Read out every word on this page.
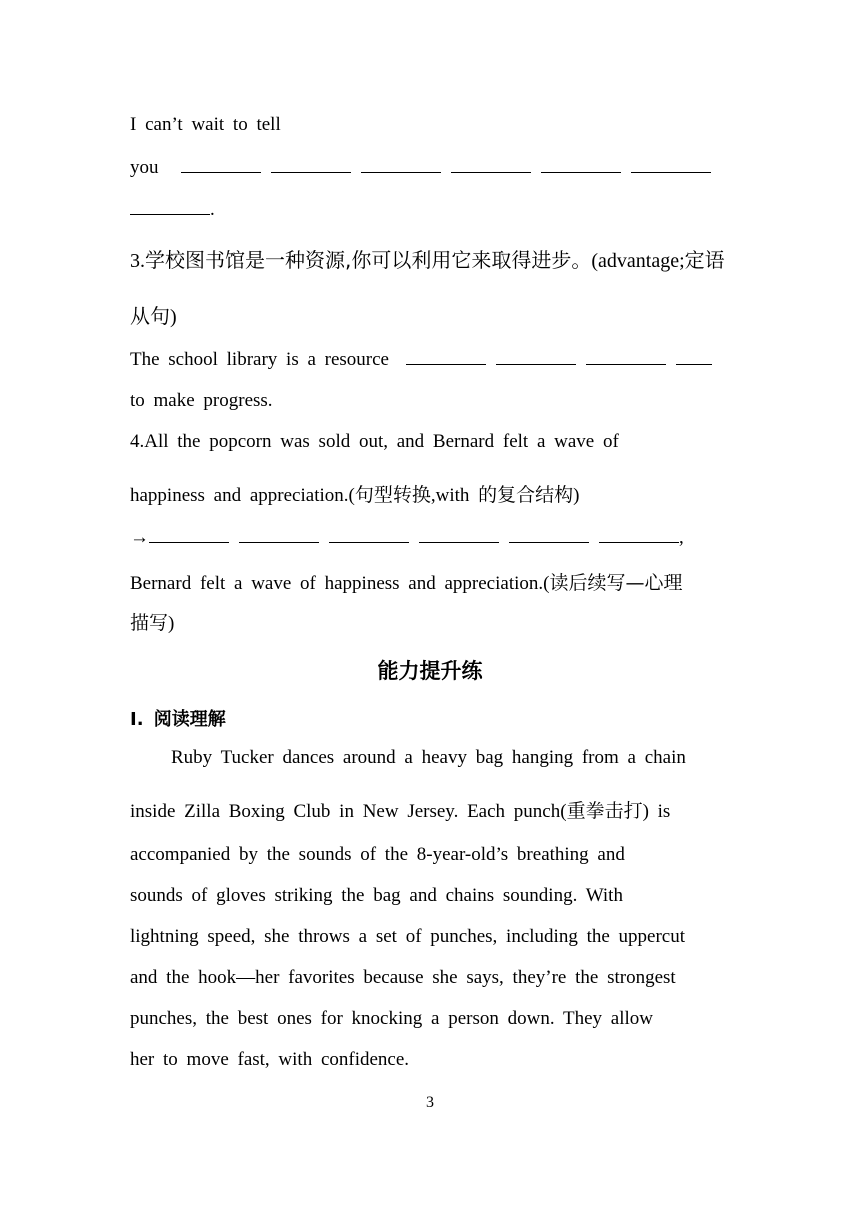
I can’t wait to tell
you
.
3.学校图书馆是一种资源,你可以利用它来取得进步。(advantage;定语
从句)
The school library is a resource
to make progress.
4.All the popcorn was sold out, and Bernard felt a wave of
happiness and appreciation.(句型转换,with 的复合结构)
→	,
Bernard felt a wave of happiness and appreciation.(读后续写—心理
描写)
能力提升练
Ⅰ. 阅读理解
Ruby Tucker dances around a heavy bag hanging from a chain
inside Zilla Boxing Club in New Jersey. Each punch(重拳击打) is
accompanied by the sounds of the 8-year-old’s breathing and
sounds of gloves striking the bag and chains sounding. With
lightning speed, she throws a set of punches, including the uppercut
and the hook—her favorites because she says, they’re the strongest
punches, the best ones for knocking a person down. They allow
her to move fast, with confidence.
3
